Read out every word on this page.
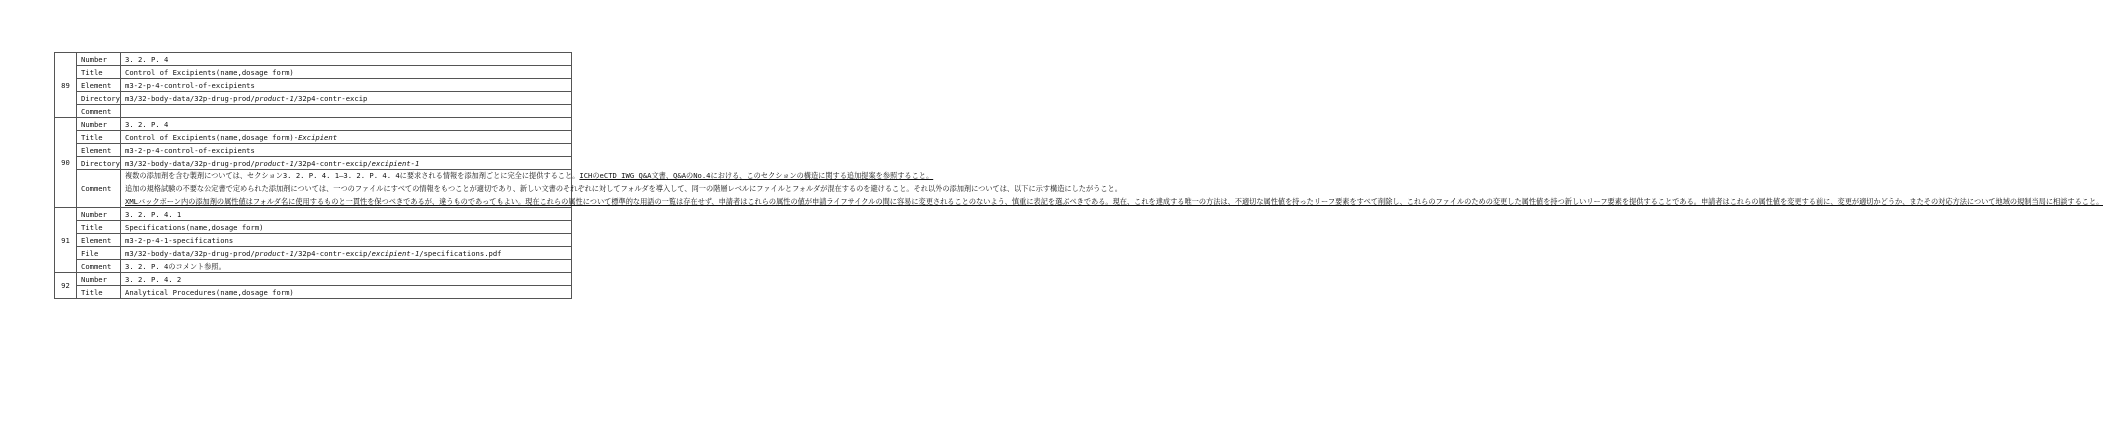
89	Number	3. 2. P. 4
	Title	Control of Excipients(name,dosage form)
	Element	m3-2-p-4-control-of-excipients
	Directory	m3/32-body-data/32p-drug-prod/product-1/32p4-contr-excip
	Comment	
90	Number	3. 2. P. 4
	Title	Control of Excipients(name,dosage form)-Excipient
	Element	m3-2-p-4-control-of-excipients
	Directory	m3/32-body-data/32p-drug-prod/product-1/32p4-contr-excip/excipient-1
	Comment	複数の添加剤を含む製剤については、セクション3. 2. P. 4. 1–3. 2. P. 4. 4に要求される情報を添加剤ごとに完全に提供すること。ICHのeCTD IWG Q&A文書、Q&AのNo.4における、このセクションの構造に関する追加提案を参照すること。

追加の規格試験の不要な公定書で定められた添加剤については、一つのファイルにすべての情報をもつことが適切であり、新しい文書のそれぞれに対してフォルダを導入して、同一の階層レベルにファイルとフォルダが混在するのを避けること。それ以外の添加剤については、以下に示す構造にしたがうこと。

XMLバックボーン内の添加剤の属性値はフォルダ名に使用するものと一貫性を保つべきであるが、違うものであってもよい。現在これらの属性について標準的な用語の一覧は存在せず、申請者はこれらの属性の値が申請ライフサイクルの間に容易に変更されることのないよう、慎重に表記を選ぶべきである。現在、これを達成する唯一の方法は、不適切な属性値を持ったリーフ要素をすべて削除し、これらのファイルのための変更した属性値を持つ新しいリーフ要素を提供することである。申請者はこれらの属性値を変更する前に、変更が適切かどうか、またその対応方法について地域の規制当局に相談すること。

91	Number	3. 2. P. 4. 1
	Title	Specifications(name,dosage form)
	Element	m3-2-p-4-1-specifications
	File	m3/32-body-data/32p-drug-prod/product-1/32p4-contr-excip/excipient-1/specifications.pdf
	Comment	3. 2. P. 4のコメント参照。
92	Number	3. 2. P. 4. 2
	Title	Analytical Procedures(name,dosage form)
